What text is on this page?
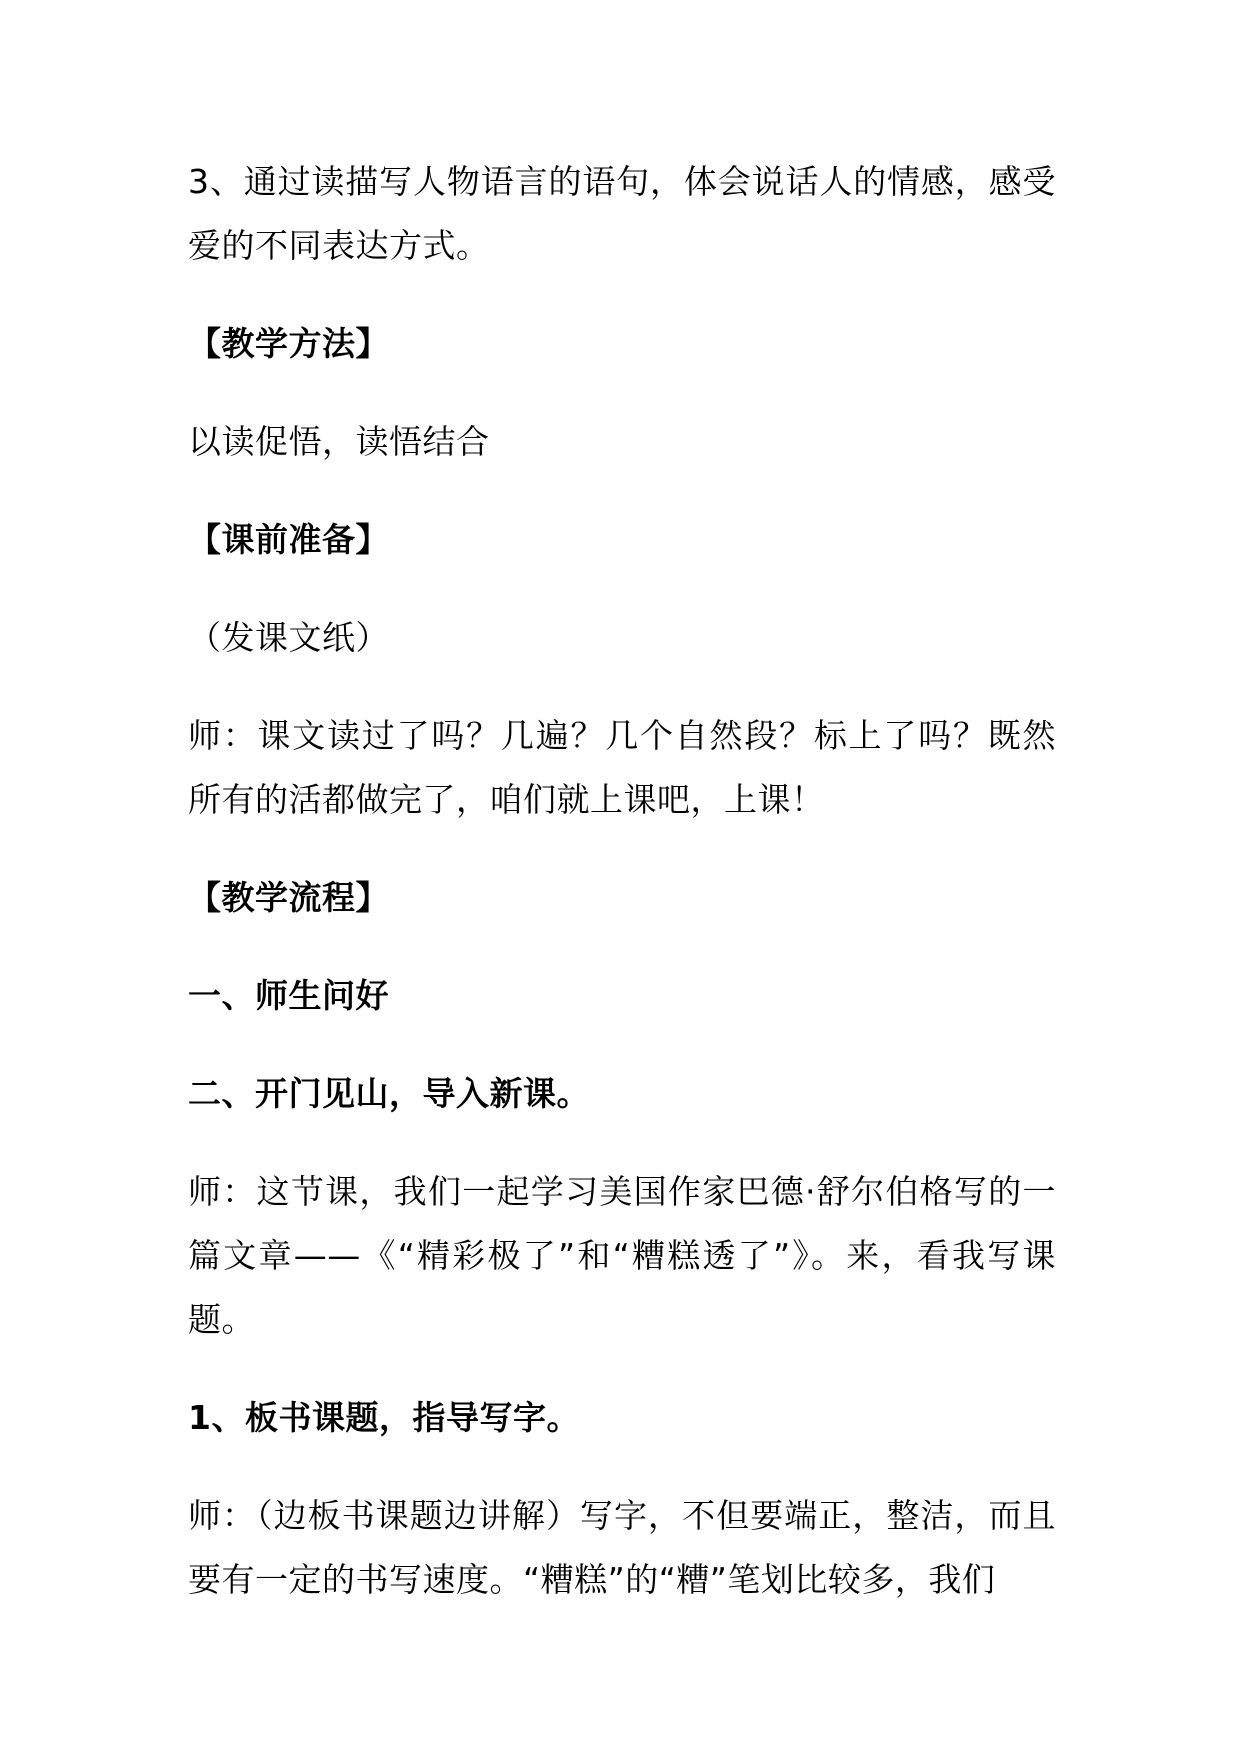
3、通过读描写人物语言的语句，体会说话人的情感，感受爱的不同表达方式。

【教学方法】

以读促悟，读悟结合

【课前准备】

（发课文纸）

师：课文读过了吗？几遍？几个自然段？标上了吗？既然所有的活都做完了，咱们就上课吧，上课！

【教学流程】

一、师生问好

二、开门见山，导入新课。

师：这节课，我们一起学习美国作家巴德·舒尔伯格写的一篇文章——《“精彩极了”和“糟糕透了”》。来，看我写课题。

1、板书课题，指导写字。

师：（边板书课题边讲解）写字，不但要端正，整洁，而且要有一定的书写速度。“糟糕”的“糟”笔划比较多，我们
